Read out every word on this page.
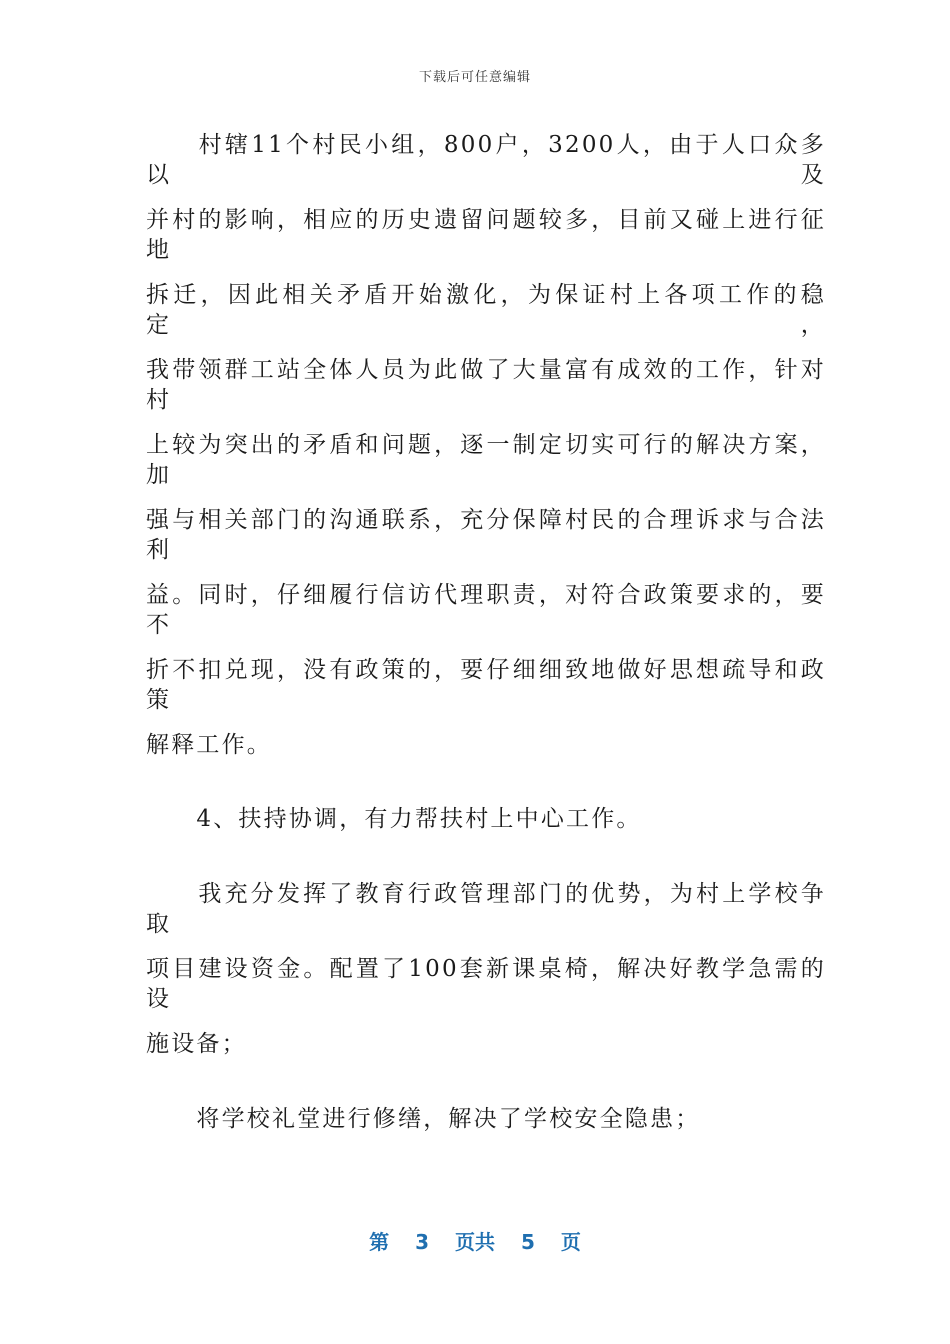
下载后可任意编辑
　　村辖11个村民小组，800户，3200人，由于人口众多以及
并村的影响，相应的历史遗留问题较多，目前又碰上进行征地
拆迁，因此相关矛盾开始激化，为保证村上各项工作的稳定，
我带领群工站全体人员为此做了大量富有成效的工作，针对村
上较为突出的矛盾和问题，逐一制定切实可行的解决方案，加
强与相关部门的沟通联系，充分保障村民的合理诉求与合法利
益。同时，仔细履行信访代理职责，对符合政策要求的，要不
折不扣兑现，没有政策的，要仔细细致地做好思想疏导和政策
解释工作。
　　4、扶持协调，有力帮扶村上中心工作。
　　我充分发挥了教育行政管理部门的优势，为村上学校争取
项目建设资金。配置了100套新课桌椅，解决好教学急需的设
施设备；
　　将学校礼堂进行修缮，解决了学校安全隐患；
第 3 页共 5 页
